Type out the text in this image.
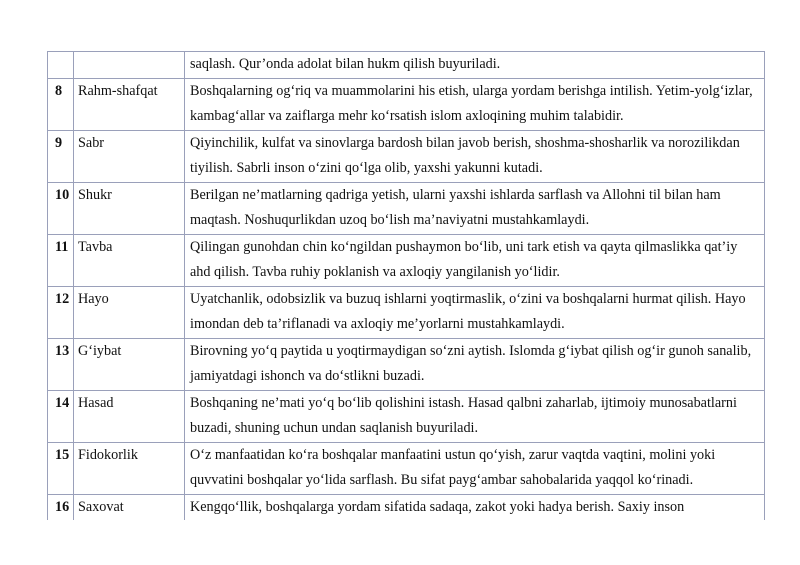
		saqlash. Qur’onda adolat bilan hukm qilish buyuriladi.

8	Rahm-shafqat	Boshqalarning og‘riq va muammolarini his etish, ularga yordam berishga intilish. Yetim-yolg‘izlar, kambag‘allar va zaiflarga mehr ko‘rsatish islom axloqining muhim talabidir.

9	Sabr	Qiyinchilik, kulfat va sinovlarga bardosh bilan javob berish, shoshma-shosharlik va norozilikdan tiyilish. Sabrli inson o‘zini qo‘lga olib, yaxshi yakunni kutadi.

10	Shukr	Berilgan ne’matlarning qadriga yetish, ularni yaxshi ishlarda sarflash va Allohni til bilan ham maqtash. Noshuqurlikdan uzoq bo‘lish ma’naviyatni mustahkamlaydi.

11	Tavba	Qilingan gunohdan chin ko‘ngildan pushaymon bo‘lib, uni tark etish va qayta qilmaslikka qat’iy ahd qilish. Tavba ruhiy poklanish va axloqiy yangilanish yo‘lidir.

12	Hayo	Uyatchanlik, odobsizlik va buzuq ishlarni yoqtirmaslik, o‘zini va boshqalarni hurmat qilish. Hayo imondan deb ta’riflanadi va axloqiy me’yorlarni mustahkamlaydi.

13	G‘iybat	Birovning yo‘q paytida u yoqtirmaydigan so‘zni aytish. Islomda g‘iybat qilish og‘ir gunoh sanalib, jamiyatdagi ishonch va do‘stlikni buzadi.

14	Hasad	Boshqaning ne’mati yo‘q bo‘lib qolishini istash. Hasad qalbni zaharlab, ijtimoiy munosabatlarni buzadi, shuning uchun undan saqlanish buyuriladi.

15	Fidokorlik	O‘z manfaatidan ko‘ra boshqalar manfaatini ustun qo‘yish, zarur vaqtda vaqtini, molini yoki quvvatini boshqalar yo‘lida sarflash. Bu sifat payg‘ambar sahobalarida yaqqol ko‘rinadi.

16	Saxovat	Kengqo‘llik, boshqalarga yordam sifatida sadaqa, zakot yoki hadya berish. Saxiy inson
